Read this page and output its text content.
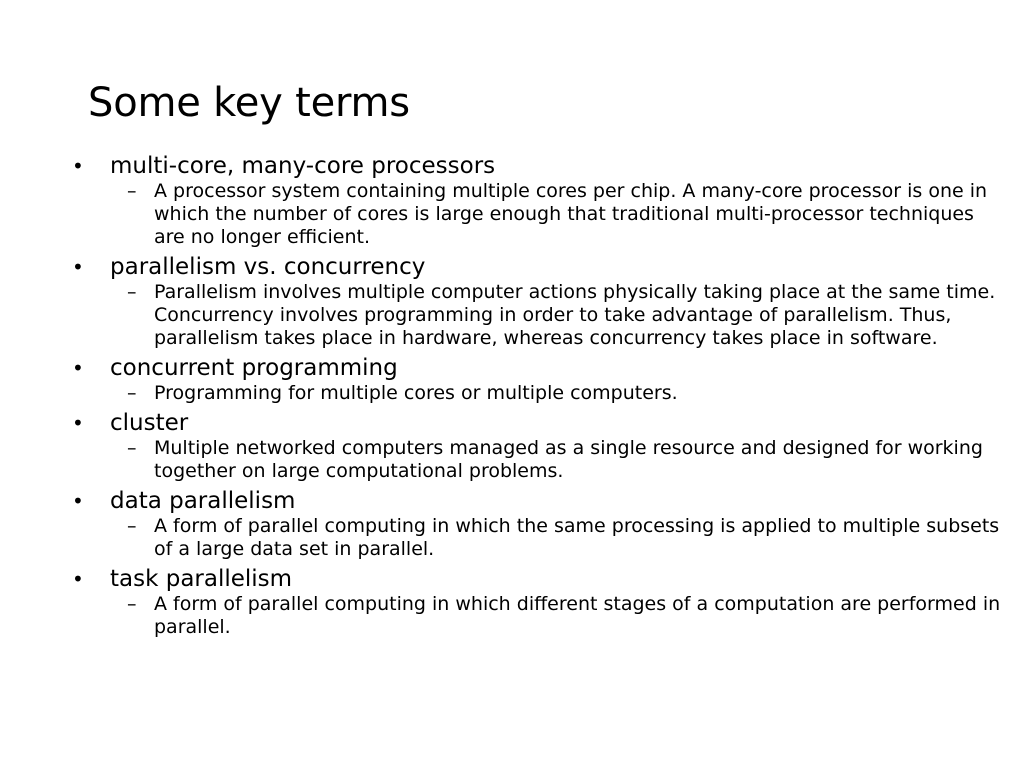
Some key terms
•	multi-core, many-core processors
– A processor system containing multiple cores per chip. A many-core processor is one in which the number of cores is large enough that traditional multi-processor techniques are no longer efficient.
•	parallelism vs. concurrency
– Parallelism involves multiple computer actions physically taking place at the same time. Concurrency involves programming in order to take advantage of parallelism. Thus, parallelism takes place in hardware, whereas concurrency takes place in software.
•	concurrent programming
– Programming for multiple cores or multiple computers.
•	cluster
– Multiple networked computers managed as a single resource and designed for working together on large computational problems.
•	data parallelism
– A form of parallel computing in which the same processing is applied to multiple subsets of a large data set in parallel.
•	task parallelism
– A form of parallel computing in which different stages of a computation are performed in parallel.
